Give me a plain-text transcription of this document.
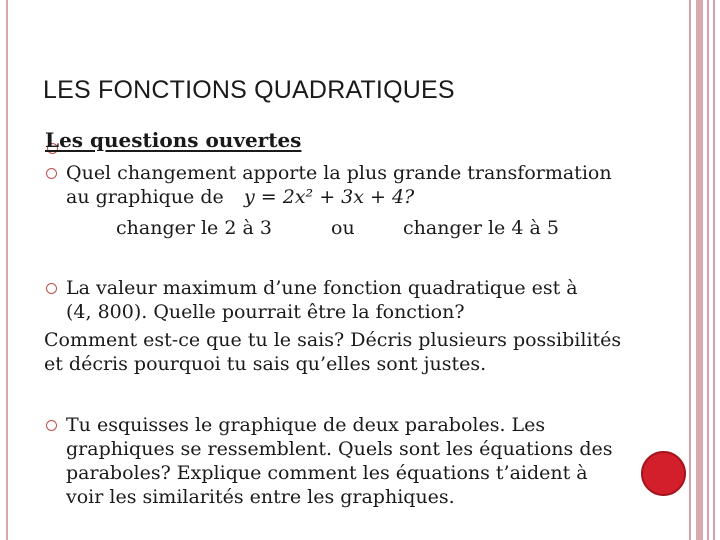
LES FONCTIONS QUADRATIQUES
Les questions ouvertes
Quel changement apporte la plus grande transformation
au graphique de y = 2x² + 3x + 4?
changer le 2 à 3	ou	changer le 4 à 5
La valeur maximum d’une fonction quadratique est à
(4, 800). Quelle pourrait être la fonction?
Comment est-ce que tu le sais? Décris plusieurs possibilités
et décris pourquoi tu sais qu’elles sont justes.
Tu esquisses le graphique de deux paraboles. Les
graphiques se ressemblent. Quels sont les équations des
paraboles? Explique comment les équations t’aident à
voir les similarités entre les graphiques.
